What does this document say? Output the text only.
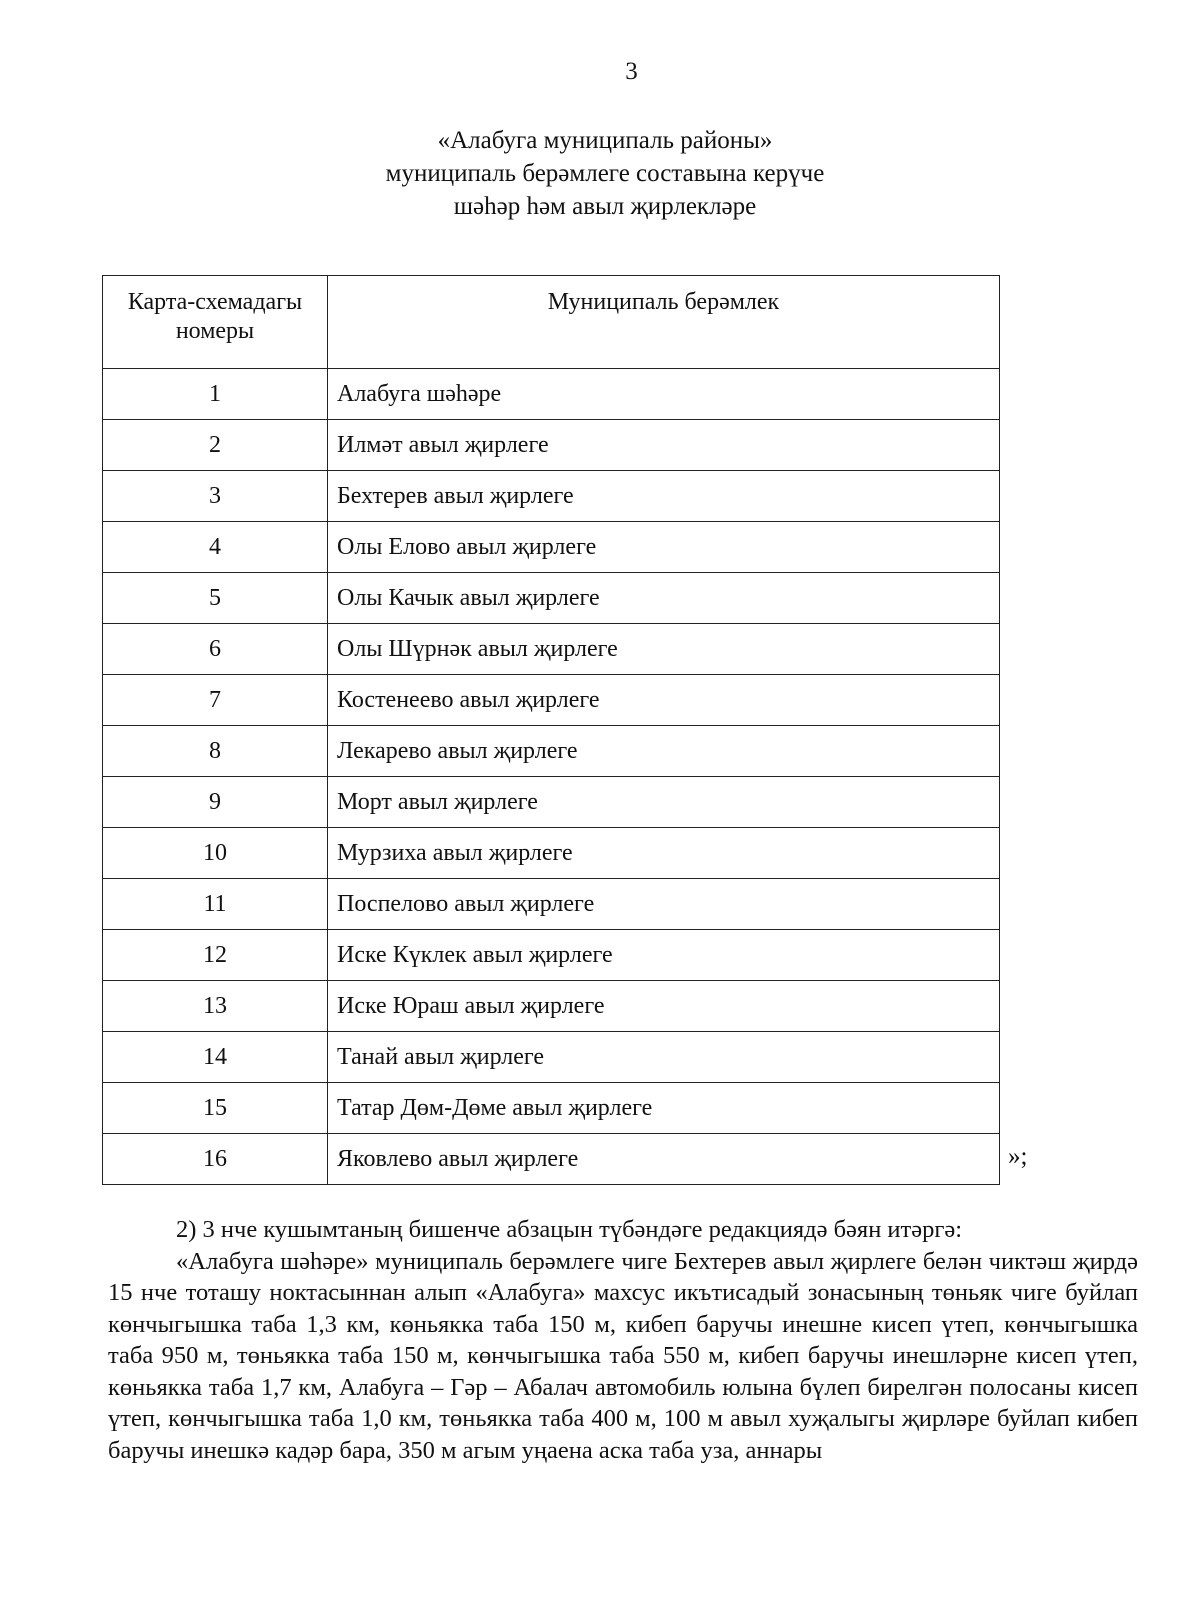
3
«Алабуга муниципаль районы»
муниципаль берәмлеге составына керүче
шәһәр һәм авыл җирлекләре
Карта-схемадагы
номеры	Муниципаль берәмлек
1	Алабуга шәһәре
2	Илмәт авыл җирлеге
3	Бехтерев авыл җирлеге
4	Олы Елово авыл җирлеге
5	Олы Качык авыл җирлеге
6	Олы Шүрнәк авыл җирлеге
7	Костенеево авыл җирлеге
8	Лекарево авыл җирлеге
9	Морт авыл җирлеге
10	Мурзиха авыл җирлеге
11	Поспелово авыл җирлеге
12	Иске Күклек авыл җирлеге
13	Иске Юраш авыл җирлеге
14	Танай авыл җирлеге
15	Татар Дөм-Дөме авыл җирлеге
16	Яковлево авыл җирлеге	»;

2) 3 нче кушымтаның бишенче абзацын түбәндәге редакциядә бәян итәргә:

«Алабуга шәһәре» муниципаль берәмлеге чиге Бехтерев авыл җирлеге белән чиктәш җирдә 15 нче тоташу ноктасыннан алып «Алабуга» махсус икътисадый зонасының төньяк чиге буйлап көнчыгышка таба 1,3 км, көньякка таба 150 м, кибеп баручы инешне кисеп үтеп, көнчыгышка таба 950 м, төньякка таба 150 м, көнчыгышка таба 550 м, кибеп баручы инешләрне кисеп үтеп, көньякка таба 1,7 км, Алабуга – Гәр – Абалач автомобиль юлына бүлеп бирелгән полосаны кисеп үтеп, көнчыгышка таба 1,0 км, төньякка таба 400 м, 100 м авыл хуҗалыгы җирләре буйлап кибеп баручы инешкә кадәр бара, 350 м агым уңаена аска таба уза, аннары
